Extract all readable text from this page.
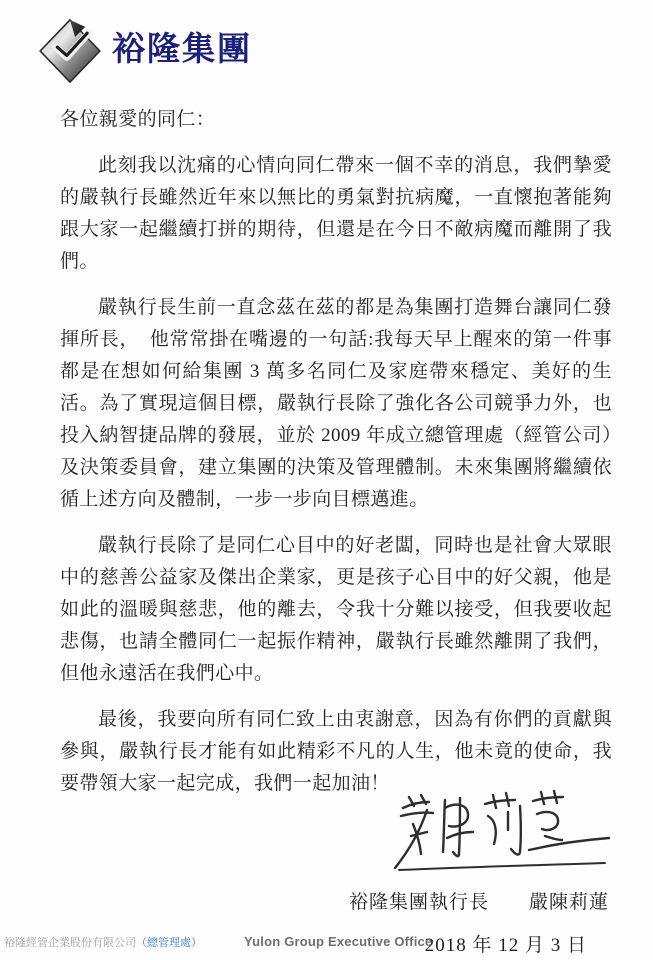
裕隆集團

各位親愛的同仁：

此刻我以沈痛的心情向同仁帶來一個不幸的消息，我們摯愛的嚴執行長雖然近年來以無比的勇氣對抗病魔，一直懷抱著能夠跟大家一起繼續打拼的期待，但還是在今日不敵病魔而離開了我們。

嚴執行長生前一直念茲在茲的都是為集團打造舞台讓同仁發揮所長，　他常常掛在嘴邊的一句話:我每天早上醒來的第一件事都是在想如何給集團 3 萬多名同仁及家庭帶來穩定、美好的生活。為了實現這個目標，嚴執行長除了強化各公司競爭力外，也投入納智捷品牌的發展，並於 2009 年成立總管理處（經管公司）及決策委員會，建立集團的決策及管理體制。未來集團將繼續依循上述方向及體制，一步一步向目標邁進。

嚴執行長除了是同仁心目中的好老闆，同時也是社會大眾眼中的慈善公益家及傑出企業家，更是孩子心目中的好父親，他是如此的溫暖與慈悲，他的離去，令我十分難以接受，但我要收起悲傷，也請全體同仁一起振作精神，嚴執行長雖然離開了我們，但他永遠活在我們心中。

最後，我要向所有同仁致上由衷謝意，因為有你們的貢獻與參與，嚴執行長才能有如此精彩不凡的人生，他未竟的使命，我要帶領大家一起完成，我們一起加油！

裕隆集團執行長　　嚴陳莉蓮
2018 年 12 月 3 日
裕隆經管企業股份有限公司 （總管理處）	Yulon Group Executive Office
